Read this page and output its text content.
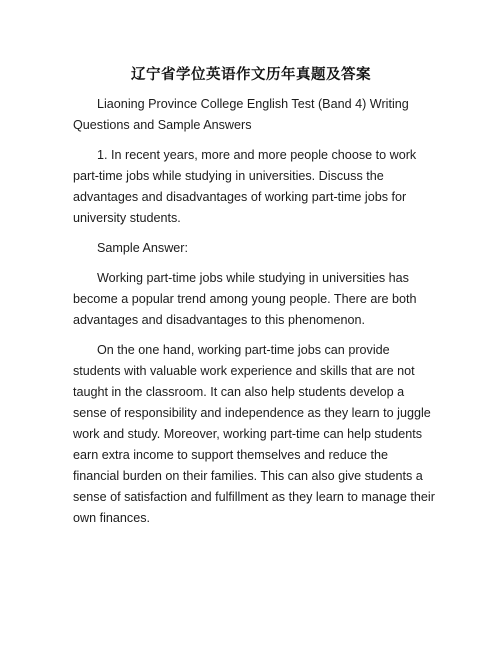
辽宁省学位英语作文历年真题及答案

Liaoning Province College English Test (Band 4) Writing Questions and Sample Answers

1. In recent years, more and more people choose to work part-time jobs while studying in universities. Discuss the advantages and disadvantages of working part-time jobs for university students.

Sample Answer:

Working part-time jobs while studying in universities has become a popular trend among young people. There are both advantages and disadvantages to this phenomenon.

On the one hand, working part-time jobs can provide students with valuable work experience and skills that are not taught in the classroom. It can also help students develop a sense of responsibility and independence as they learn to juggle work and study. Moreover, working part-time can help students earn extra income to support themselves and reduce the financial burden on their families. This can also give students a sense of satisfaction and fulfillment as they learn to manage their own finances.
